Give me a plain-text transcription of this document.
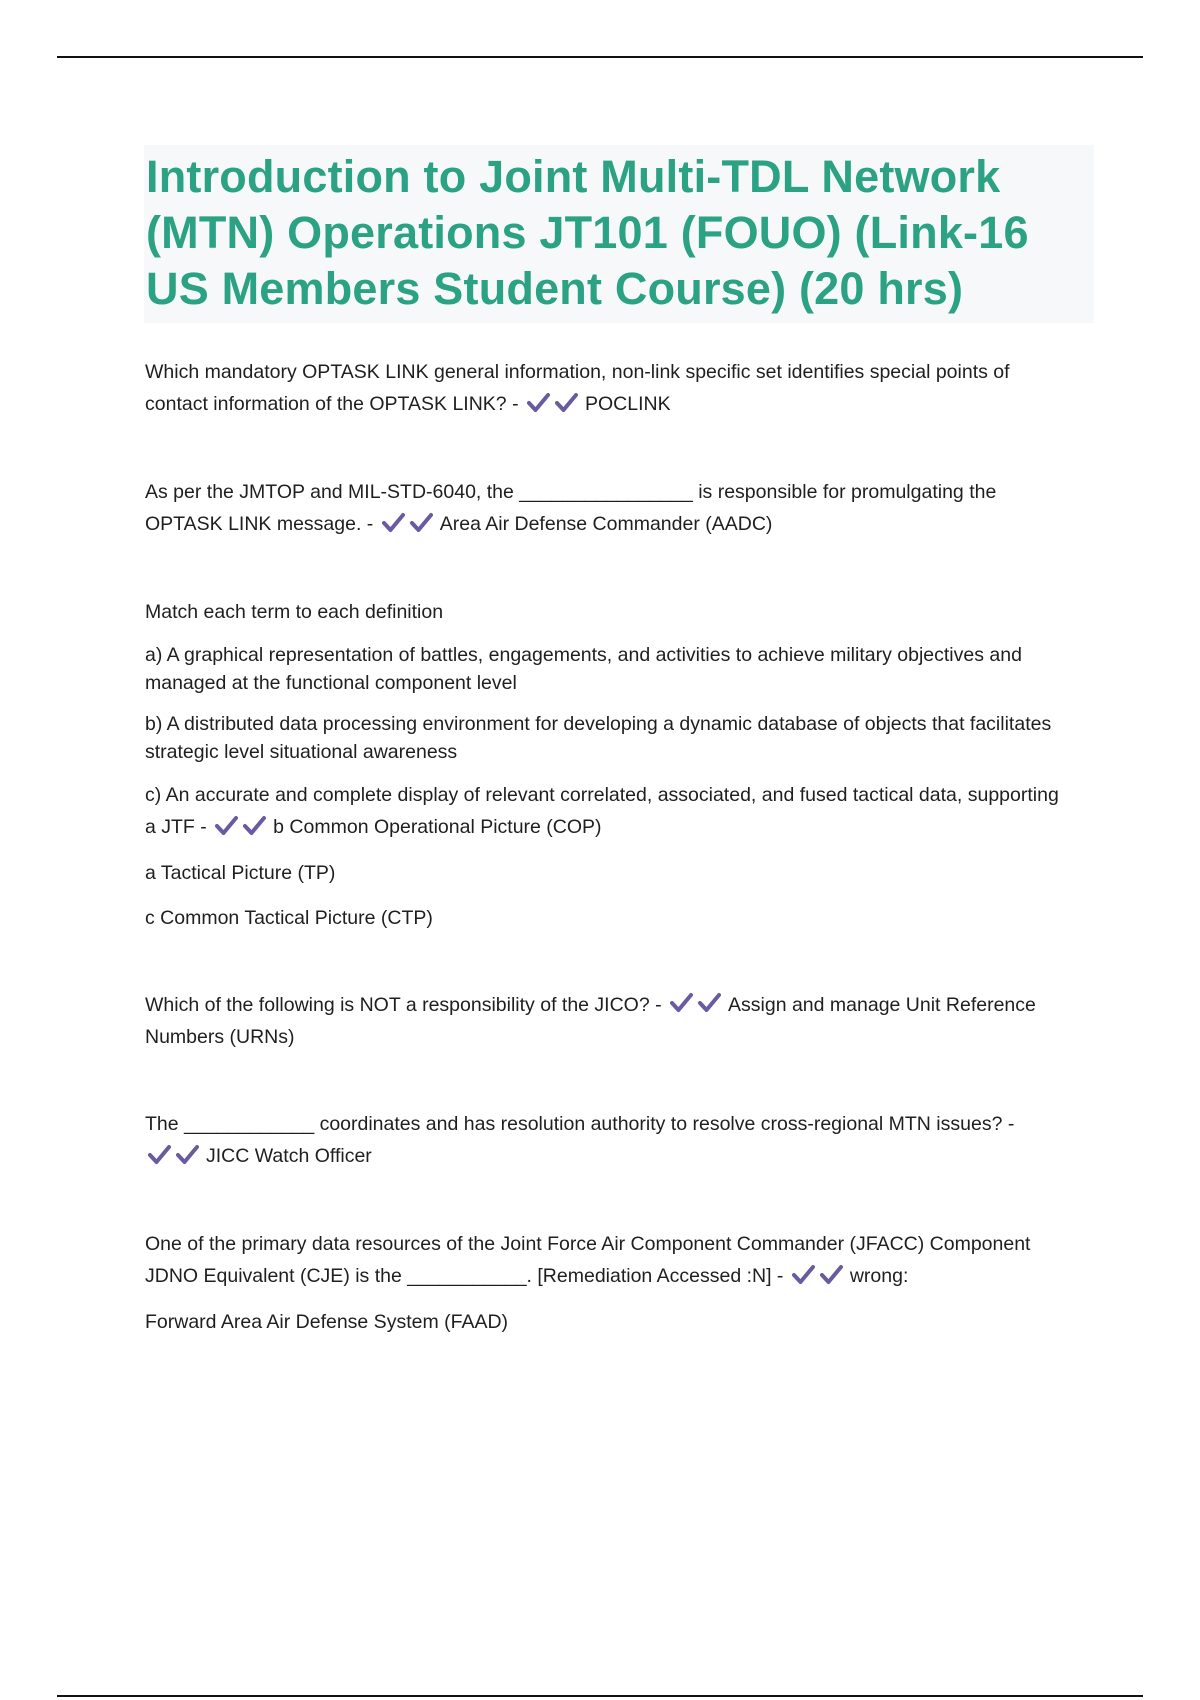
Introduction to Joint Multi-TDL Network (MTN) Operations JT101 (FOUO) (Link-16 US Members Student Course) (20 hrs)

Which mandatory OPTASK LINK general information, non-link specific set identifies special points of contact information of the OPTASK LINK? -	POCLINK

As per the JMTOP and MIL-STD-6040, the ________________ is responsible for promulgating the OPTASK LINK message. -	Area Air Defense Commander (AADC)

Match each term to each definition

a) A graphical representation of battles, engagements, and activities to achieve military objectives and managed at the functional component level

b) A distributed data processing environment for developing a dynamic database of objects that facilitates strategic level situational awareness

c) An accurate and complete display of relevant correlated, associated, and fused tactical data, supporting a JTF -	b Common Operational Picture (COP)

a Tactical Picture (TP)

c Common Tactical Picture (CTP)

Which of the following is NOT a responsibility of the JICO? -	Assign and manage Unit Reference Numbers (URNs)

The ____________ coordinates and has resolution authority to resolve cross-regional MTN issues? - JICC Watch Officer

One of the primary data resources of the Joint Force Air Component Commander (JFACC) Component JDNO Equivalent (CJE) is the ___________. [Remediation Accessed :N] -	wrong:

Forward Area Air Defense System (FAAD)
